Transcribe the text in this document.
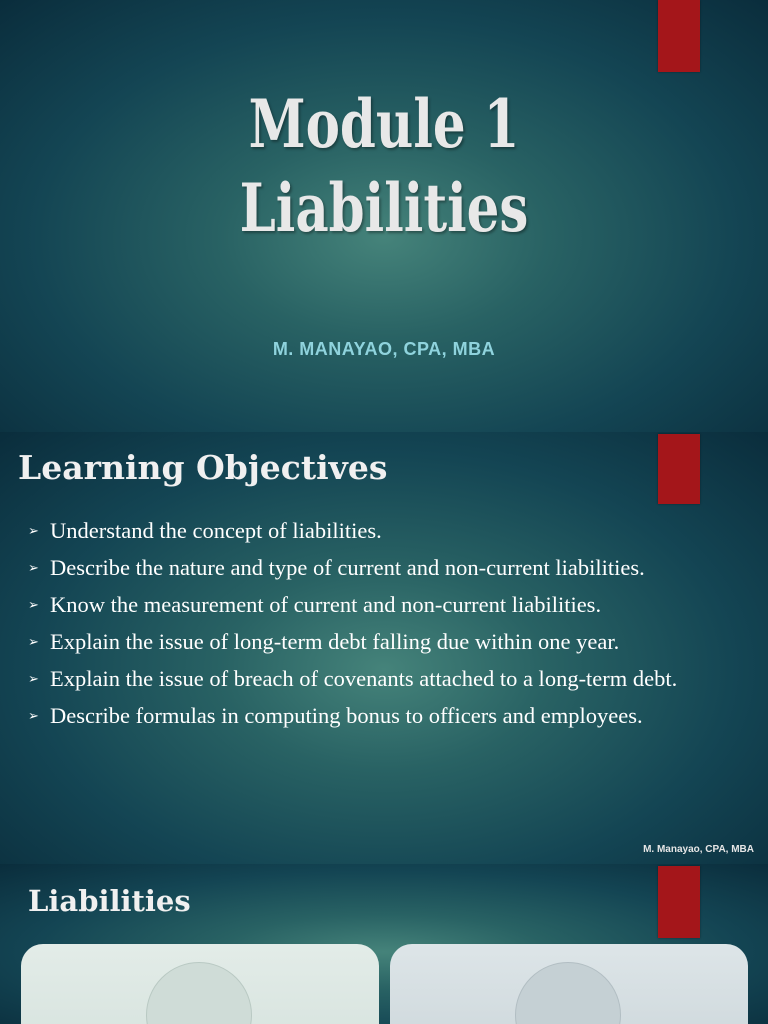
Module 1
Liabilities
M. MANAYAO, CPA, MBA
Learning Objectives
➢ Understand the concept of liabilities.
➢ Describe the nature and type of current and non-current liabilities.
➢ Know the measurement of current and non-current liabilities.
➢ Explain the issue of long-term debt falling due within one year.
➢ Explain the issue of breach of covenants attached to a long-term debt.
➢ Describe formulas in computing bonus to officers and employees.
M. Manayao, CPA, MBA
Liabilities
